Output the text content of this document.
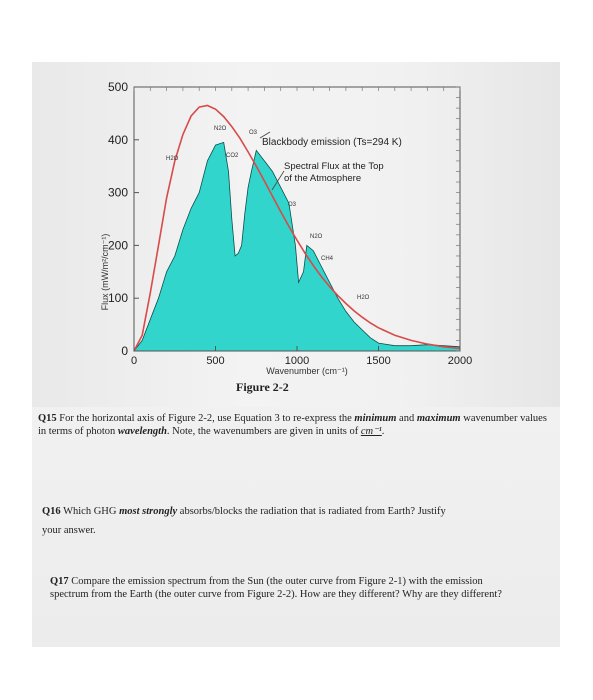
0
100
200
300
400
500
0	500	1000	1500	2000
Flux (mW/m²/cm⁻¹)
Wavenumber (cm⁻¹)
Blackbody emission (Ts=294 K)
Spectral Flux at the Top
of the Atmosphere
N2O
O3
CO2
H2O
O3
N2O
CH4
H2O
Figure 2-2
Q15 For the horizontal axis of Figure 2-2, use Equation 3 to re-express the minimum and maximum wavenumber values in terms of photon wavelength. Note, the wavenumbers are given in units of cm⁻¹.
Q16 Which GHG most strongly absorbs/blocks the radiation that is radiated from Earth? Justify
your answer.
Q17 Compare the emission spectrum from the Sun (the outer curve from Figure 2-1) with the emission spectrum from the Earth (the outer curve from Figure 2-2). How are they different? Why are they different?
